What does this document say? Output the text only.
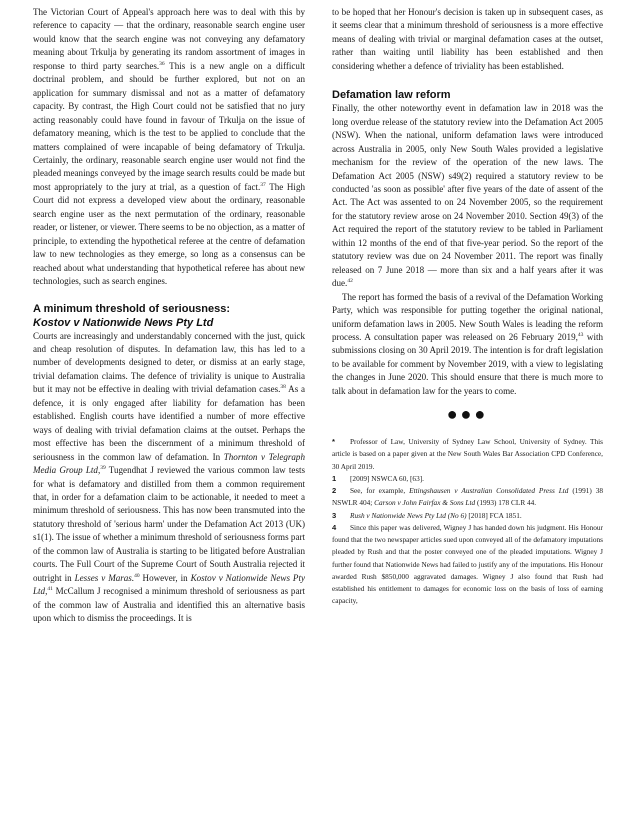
The Victorian Court of Appeal's approach here was to deal with this by reference to capacity — that the ordinary, reasonable search engine user would know that the search engine was not conveying any defamatory meaning about Trkulja by generating its random assortment of images in response to third party searches.$^{36}$ This is a new angle on a difficult doctrinal problem, and should be further explored, but not on an application for summary dismissal and not as a matter of defamatory capacity. By contrast, the High Court could not be satisfied that no jury acting reasonably could have found in favour of Trkulja on the issue of defamatory meaning, which is the test to be applied to conclude that the matters complained of were incapable of being defamatory of Trkulja. Certainly, the ordinary, reasonable search engine user would not find the pleaded meanings conveyed by the image search results could be made but most appropriately to the jury at trial, as a question of fact.$^{37}$ The High Court did not express a developed view about the ordinary, reasonable search engine user as the next permutation of the ordinary, reasonable reader, or listener, or viewer. There seems to be no objection, as a matter of principle, to extending the hypothetical referee at the centre of defamation law to new technologies as they emerge, so long as a consensus can be reached about what understanding that hypothetical referee has about new technologies, such as search engines.

A minimum threshold of seriousness:
Kostov v Nationwide News Pty Ltd

Courts are increasingly and understandably concerned with the just, quick and cheap resolution of disputes. In defamation law, this has led to a number of developments designed to deter, or dismiss at an early stage, trivial defamation claims. The defence of triviality is unique to Australia but it may not be effective in dealing with trivial defamation cases.$^{38}$ As a defence, it is only engaged after liability for defamation has been established. English courts have identified a number of more effective ways of dealing with trivial defamation claims at the outset. Perhaps the most effective has been the discernment of a minimum threshold of seriousness in the common law of defamation. In Thornton v Telegraph Media Group Ltd,$^{39}$ Tugendhat J reviewed the various common law tests for what is defamatory and distilled from them a common requirement that, in order for a defamation claim to be actionable, it needed to meet a minimum threshold of seriousness. This has now been transmuted into the statutory threshold of 'serious harm' under the Defamation Act 2013 (UK) s1(1). The issue of whether a minimum threshold of seriousness forms part of the common law of Australia is starting to be litigated before Australian courts. The Full Court of the Supreme Court of South Australia rejected it outright in Lesses v Maras.$^{40}$ However, in Kostov v Nationwide News Pty Ltd,$^{41}$ McCallum J recognised a minimum threshold of seriousness as part of the common law of Australia and identified this an alternative basis upon which to dismiss the proceedings. It is

to be hoped that her Honour's decision is taken up in subsequent cases, as it seems clear that a minimum threshold of seriousness is a more effective means of dealing with trivial or marginal defamation cases at the outset, rather than waiting until liability has been established and then considering whether a defence of triviality has been established.

Defamation law reform

Finally, the other noteworthy event in defamation law in 2018 was the long overdue release of the statutory review into the Defamation Act 2005 (NSW). When the national, uniform defamation laws were introduced across Australia in 2005, only New South Wales provided a legislative mechanism for the review of the operation of the new laws. The Defamation Act 2005 (NSW) s49(2) required a statutory review to be conducted 'as soon as possible' after five years of the date of assent of the Act. The Act was assented to on 24 November 2005, so the requirement for the statutory review arose on 24 November 2010. Section 49(3) of the Act required the report of the statutory review to be tabled in Parliament within 12 months of the end of that five-year period. So the report of the statutory review was due on 24 November 2011. The report was finally released on 7 June 2018 — more than six and a half years after it was due.$^{42}$

The report has formed the basis of a revival of the Defamation Working Party, which was responsible for putting together the original national, uniform defamation laws in 2005. New South Wales is leading the reform process. A consultation paper was released on 26 February 2019,43 with submissions closing on 30 April 2019. The intention is for draft legislation to be available for comment by November 2019, with a view to legislating the changes in June 2020. This should ensure that there is much more to talk about in defamation law for the years to come.

●●●
* Professor of Law, University of Sydney Law School, University of Sydney. This article is based on a paper given at the New South Wales Bar Association CPD Conference, 30 April 2019.
1 [2009] NSWCA 60, [63].
2 See, for example, Ettingshausen v Australian Consolidated Press Ltd (1991) 38 NSWLR 404; Carson v John Fairfax & Sons Ltd (1993) 178 CLR 44.
3 Rush v Nationwide News Pty Ltd (No 6) [2018] FCA 1851.
4 Since this paper was delivered, Wigney J has handed down his judgment. His Honour found that the two newspaper articles sued upon conveyed all of the defamatory imputations pleaded by Rush and that the poster conveyed one of the pleaded imputations. Wigney J further found that Nationwide News had failed to justify any of the imputations. His Honour awarded Rush $850,000 aggravated damages. Wigney J also found that Rush had established his entitlement to damages for economic loss on the basis of loss of earning capacity,
